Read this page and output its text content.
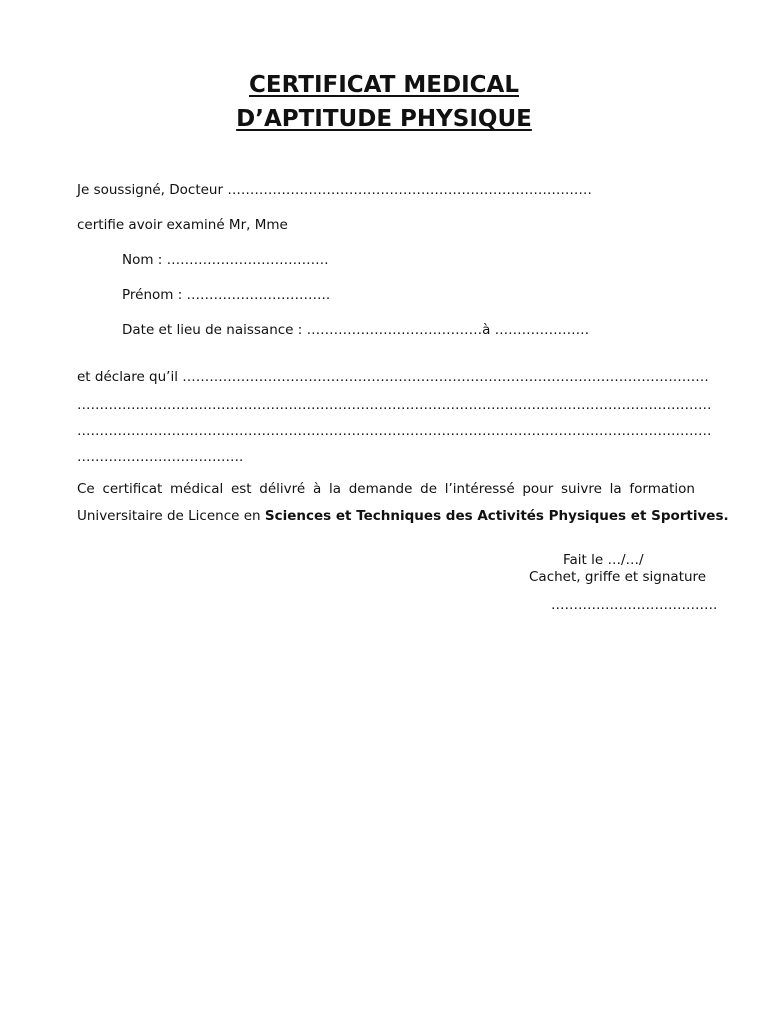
CERTIFICAT MEDICAL
D’APTITUDE PHYSIQUE
Je soussigné, Docteur ………………………………………………………………………
certifie avoir examiné Mr, Mme
Nom : ………………………………
Prénom : …………………………..
Date et lieu de naissance : …………………………………à …………………
et déclare qu’il ………………………………………………………………………………………………………
……………………………………………………………………………………………………………………………
……………………………………………………………………………………………………………………………
……………………………….
Ce certificat médical est délivré à la demande de l’intéressé pour suivre la formation
Universitaire de Licence en Sciences et Techniques des Activités Physiques et Sportives.
Fait le …/…/
Cachet, griffe et signature
……………………………….
